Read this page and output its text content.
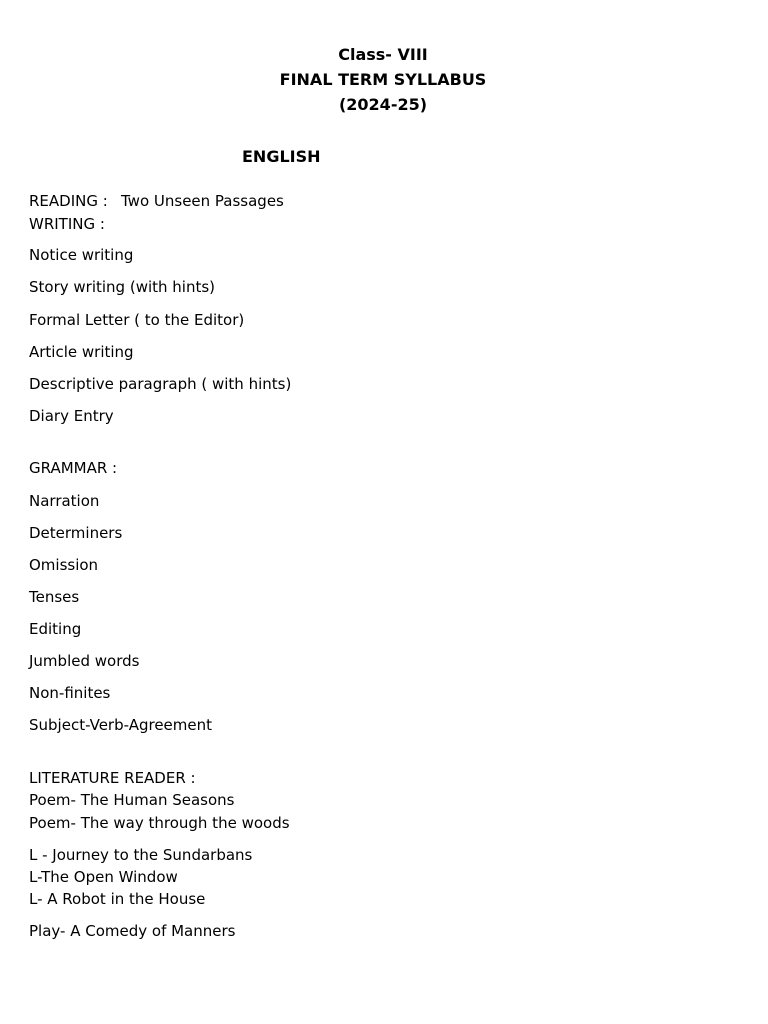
Class- VIII
FINAL TERM SYLLABUS
(2024-25)
ENGLISH
READING : Two Unseen Passages
WRITING :
Notice writing
Story writing (with hints)
Formal Letter ( to the Editor)
Article writing
Descriptive paragraph ( with hints)
Diary Entry
GRAMMAR :
Narration
Determiners
Omission
Tenses
Editing
Jumbled words
Non-finites
Subject-Verb-Agreement
LITERATURE READER :
Poem- The Human Seasons
Poem- The way through the woods
L - Journey to the Sundarbans
L-The Open Window
L- A Robot in the House
Play- A Comedy of Manners
